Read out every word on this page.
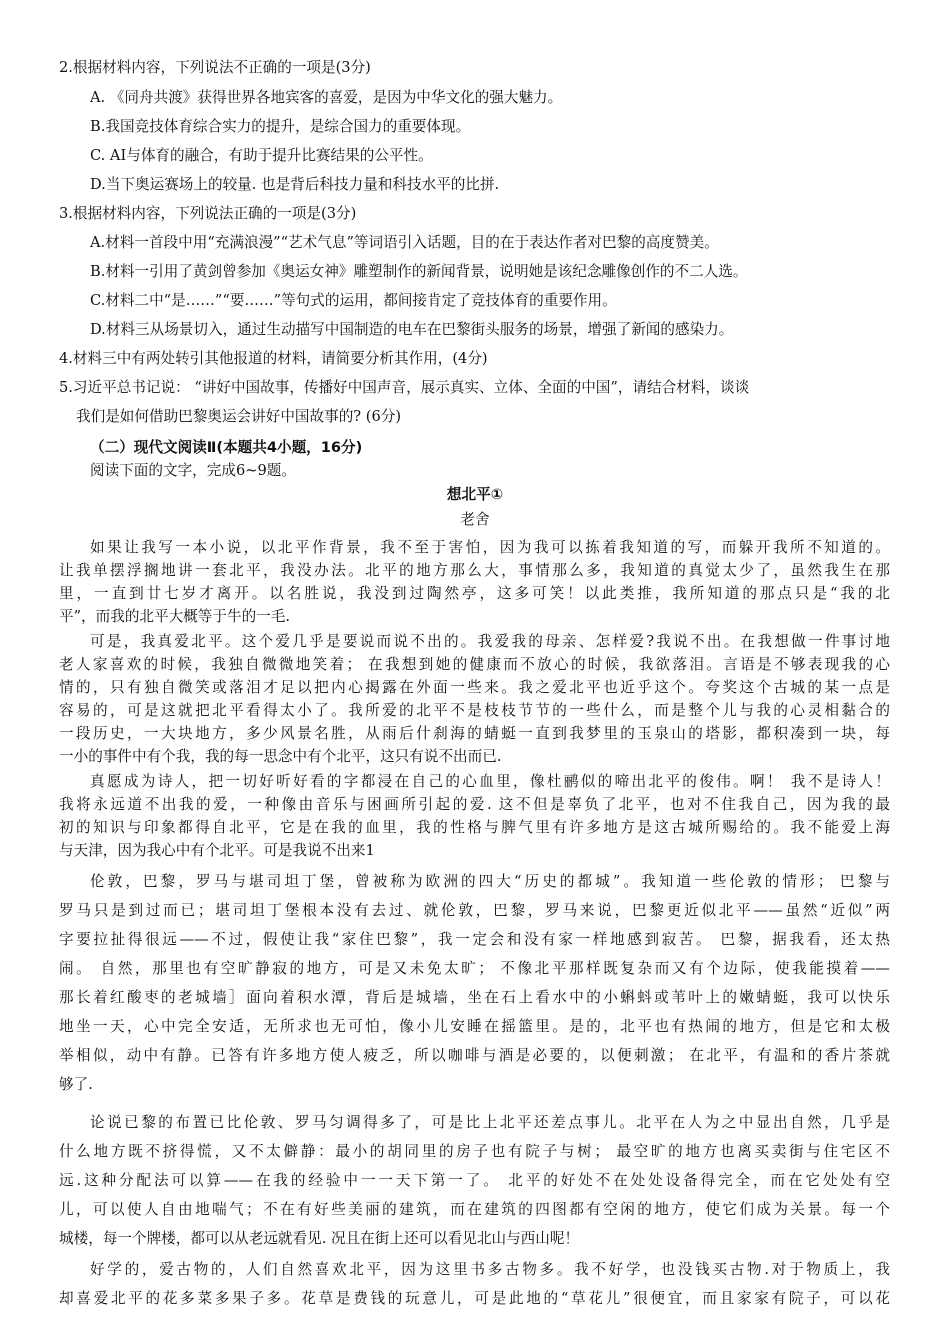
2.根据材料内容，下列说法不正确的一项是(3分)
A. 《同舟共渡》获得世界各地宾客的喜爱，是因为中华文化的强大魅力。
B.我国竞技体育综合实力的提升，是综合国力的重要体现。
C. AI与体育的融合，有助于提升比赛结果的公平性。
D.当下奥运赛场上的较量. 也是背后科技力量和科技水平的比拼.
3.根据材料内容，下列说法正确的一项是(3分)
A.材料一首段中用“充满浪漫”“艺术气息”等词语引入话题，目的在于表达作者对巴黎的高度赞美。
B.材料一引用了黄剑曾参加《奥运女神》雕塑制作的新闻背景，说明她是该纪念雕像创作的不二人选。
C.材料二中“是……”“要……”等句式的运用，都间接肯定了竞技体育的重要作用。
D.材料三从场景切入，通过生动描写中国制造的电车在巴黎街头服务的场景，增强了新闻的感染力。
4.材料三中有两处转引其他报道的材料，请简要分析其作用，(4分)
5.习近平总书记说： “讲好中国故事，传播好中国声音，展示真实、立体、全面的中国”，请结合材料，谈谈
我们是如何借助巴黎奥运会讲好中国故事的? (6分)
（二）现代文阅读Ⅱ(本题共4小题，16分)
阅读下面的文字，完成6~9题。
想北平①
老舍
如果让我写一本小说，以北平作背景，我不至于害怕，因为我可以拣着我知道的写，而躲开我所不知道的。
让我单摆浮搁地讲一套北平，我没办法。北平的地方那么大，事情那么多，我知道的真觉太少了，虽然我生在那
里，一直到廿七岁才离开。以名胜说，我没到过陶然亭，这多可笑！以此类推，我所知道的那点只是“我的北
平”，而我的北平大概等于牛的一毛.
可是，我真爱北平。这个爱几乎是要说而说不出的。我爱我的母亲、怎样爱?我说不出。在我想做一件事讨地
老人家喜欢的时候，我独自微微地笑着； 在我想到她的健康而不放心的时候，我欲落泪。言语是不够表现我的心
情的，只有独自微笑或落泪才足以把内心揭露在外面一些来。我之爱北平也近乎这个。夸奖这个古城的某一点是
容易的，可是这就把北平看得太小了。我所爱的北平不是枝枝节节的一些什么，而是整个儿与我的心灵相黏合的
一段历史，一大块地方，多少风景名胜，从雨后什刹海的蜻蜓一直到我梦里的玉泉山的塔影，都积凑到一块，每
一小的事件中有个我，我的每一思念中有个北平，这只有说不出而已.
真愿成为诗人，把一切好听好看的字都浸在自己的心血里，像杜鹂似的啼出北平的俊伟。啊！ 我不是诗人！
我将永远道不出我的爱，一种像由音乐与困画所引起的爱. 这不但是辜负了北平，也对不住我自己，因为我的最
初的知识与印象都得自北平，它是在我的血里，我的性格与脾气里有许多地方是这古城所赐给的。我不能爱上海
与天津，因为我心中有个北平。可是我说不出来1
伦敦，巴黎，罗马与堪司坦丁堡，曾被称为欧洲的四大“历史的都城”。我知道一些伦敦的情形； 巴黎与
罗马只是到过而已；堪司坦丁堡根本没有去过、就伦敦，巴黎，罗马来说，巴黎更近似北平——虽然“近似”两
字要拉扯得很远——不过，假使让我“家住巴黎”，我一定会和没有家一样地感到寂苦。 巴黎，据我看，还太热
闹。 自然，那里也有空旷静寂的地方，可是又未免太旷； 不像北平那样既复杂而又有个边际，使我能摸着——
那长着红酸枣的老城墙］面向着积水潭，背后是城墙，坐在石上看水中的小蝌蚪或苇叶上的嫩蜻蜓，我可以快乐
地坐一天，心中完全安适，无所求也无可怕，像小儿安睡在摇篮里。是的，北平也有热闹的地方，但是它和太极
举相似，动中有静。已答有许多地方使人疲乏，所以咖啡与酒是必要的，以便刺激； 在北平，有温和的香片茶就
够了.
论说已黎的布置已比伦敦、罗马匀调得多了，可是比上北平还差点事儿。北平在人为之中显出自然，几乎是
什么地方既不挤得慌，又不太僻静：最小的胡同里的房子也有院子与树； 最空旷的地方也离买卖街与住宅区不
远.这种分配法可以算——在我的经验中一一天下第一了。 北平的好处不在处处设备得完全，而在它处处有空
儿，可以使人自由地喘气；不在有好些美丽的建筑，而在建筑的四图都有空闲的地方，使它们成为关景。每一个
城楼，每一个牌楼，都可以从老远就看见. 况且在街上还可以看见北山与西山呢！
好学的，爱古物的，人们自然喜欢北平，因为这里书多古物多。我不好学，也没钱买古物.对于物质上，我
却喜爱北平的花多菜多果子多。花草是费钱的玩意儿，可是此地的“草花儿”很便宜，而且家家有院子，可以花
